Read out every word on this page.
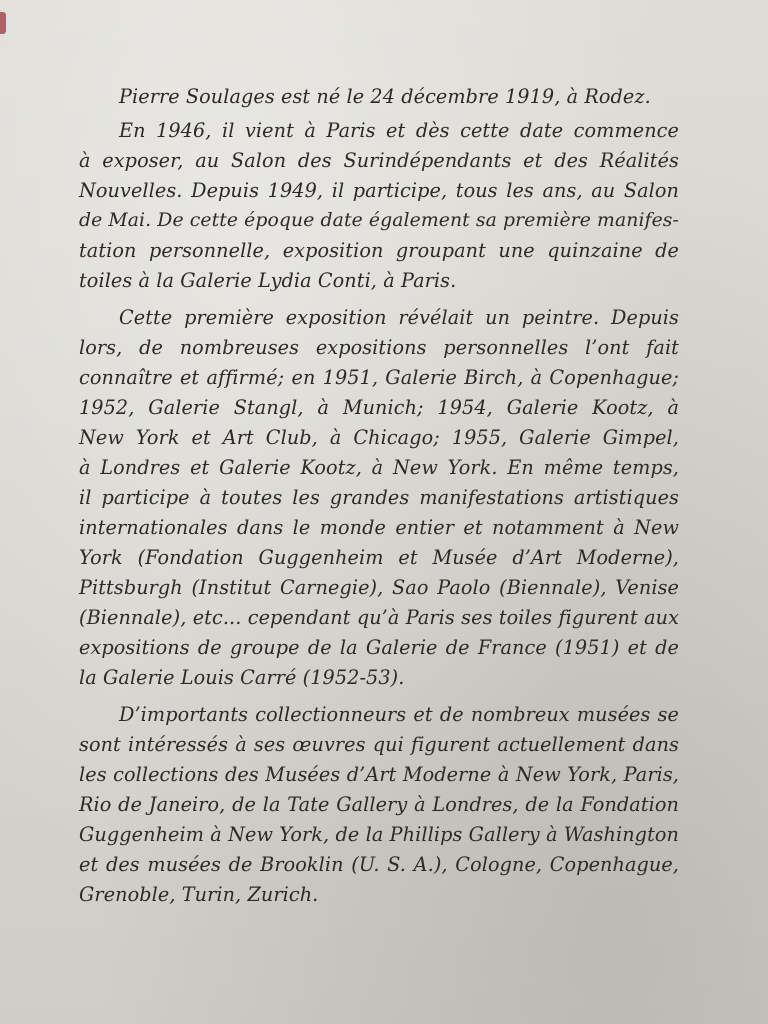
Pierre Soulages est né le 24 décembre 1919, à Rodez.

En 1946, il vient à Paris et dès cette date commence
à exposer, au Salon des Surindépendants et des Réalités
Nouvelles. Depuis 1949, il participe, tous les ans, au Salon
de Mai. De cette époque date également sa première manifes-
tation personnelle, exposition groupant une quinzaine de
toiles à la Galerie Lydia Conti, à Paris.

Cette première exposition révélait un peintre. Depuis
lors, de nombreuses expositions personnelles l’ont fait
connaître et affirmé; en 1951, Galerie Birch, à Copenhague;
1952, Galerie Stangl, à Munich; 1954, Galerie Kootz, à
New York et Art Club, à Chicago; 1955, Galerie Gimpel,
à Londres et Galerie Kootz, à New York. En même temps,
il participe à toutes les grandes manifestations artistiques
internationales dans le monde entier et notamment à New
York (Fondation Guggenheim et Musée d’Art Moderne),
Pittsburgh (Institut Carnegie), Sao Paolo (Biennale), Venise
(Biennale), etc... cependant qu’à Paris ses toiles figurent aux
expositions de groupe de la Galerie de France (1951) et de
la Galerie Louis Carré (1952-53).

D’importants collectionneurs et de nombreux musées se
sont intéressés à ses œuvres qui figurent actuellement dans
les collections des Musées d’Art Moderne à New York, Paris,
Rio de Janeiro, de la Tate Gallery à Londres, de la Fondation
Guggenheim à New York, de la Phillips Gallery à Washington
et des musées de Brooklin (U. S. A.), Cologne, Copenhague,
Grenoble, Turin, Zurich.
